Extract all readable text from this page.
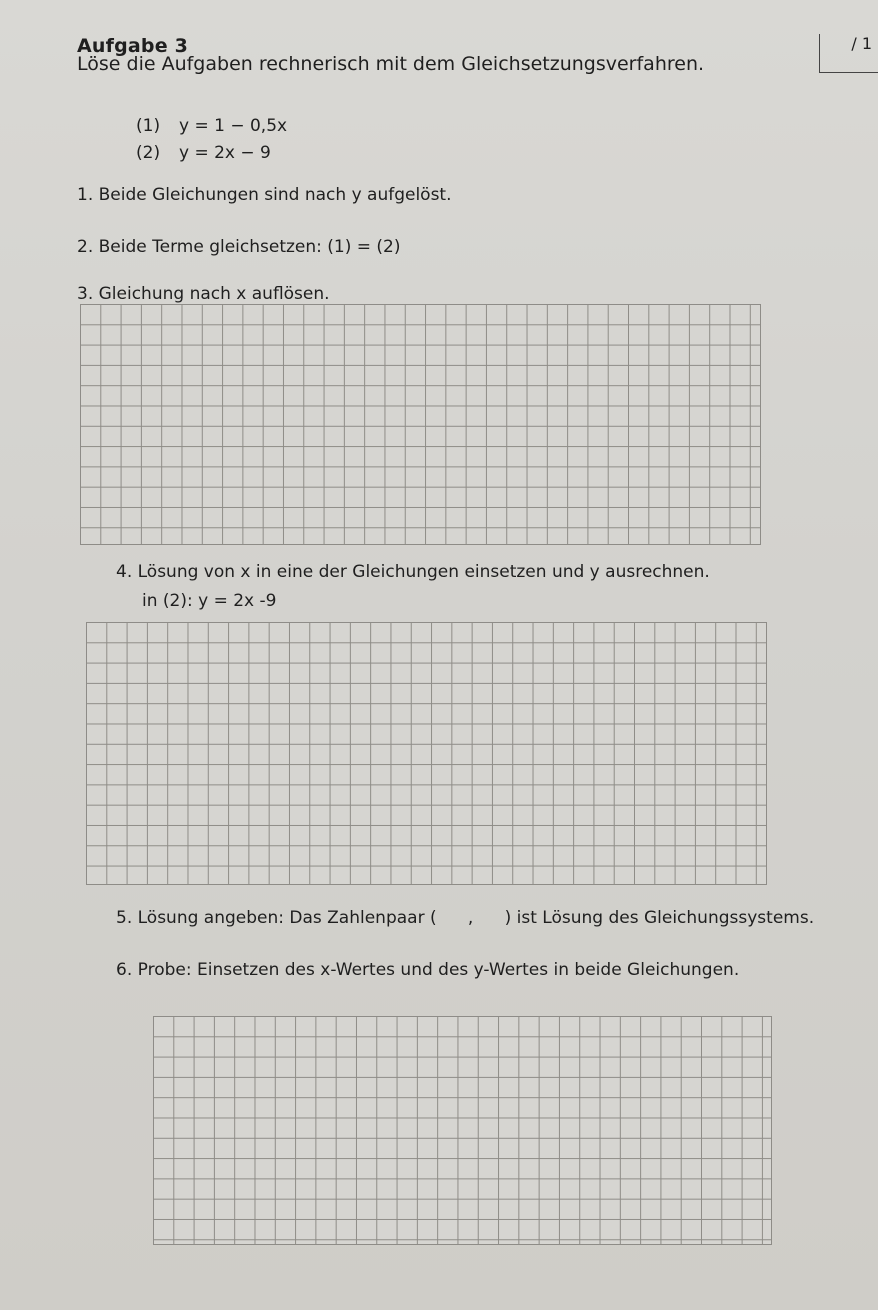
Aufgabe 3
Löse die Aufgaben rechnerisch mit dem Gleichsetzungsverfahren.
/ 1
(1) y = 1 − 0,5x
(2) y = 2x − 9
1. Beide Gleichungen sind nach y aufgelöst.
2. Beide Terme gleichsetzen: (1) = (2)
3. Gleichung nach x auflösen.
4. Lösung von x in eine der Gleichungen einsetzen und y ausrechnen.
in (2): y = 2x -9
5. Lösung angeben: Das Zahlenpaar ( , ) ist Lösung des Gleichungssystems.
6. Probe: Einsetzen des x-Wertes und des y-Wertes in beide Gleichungen.
